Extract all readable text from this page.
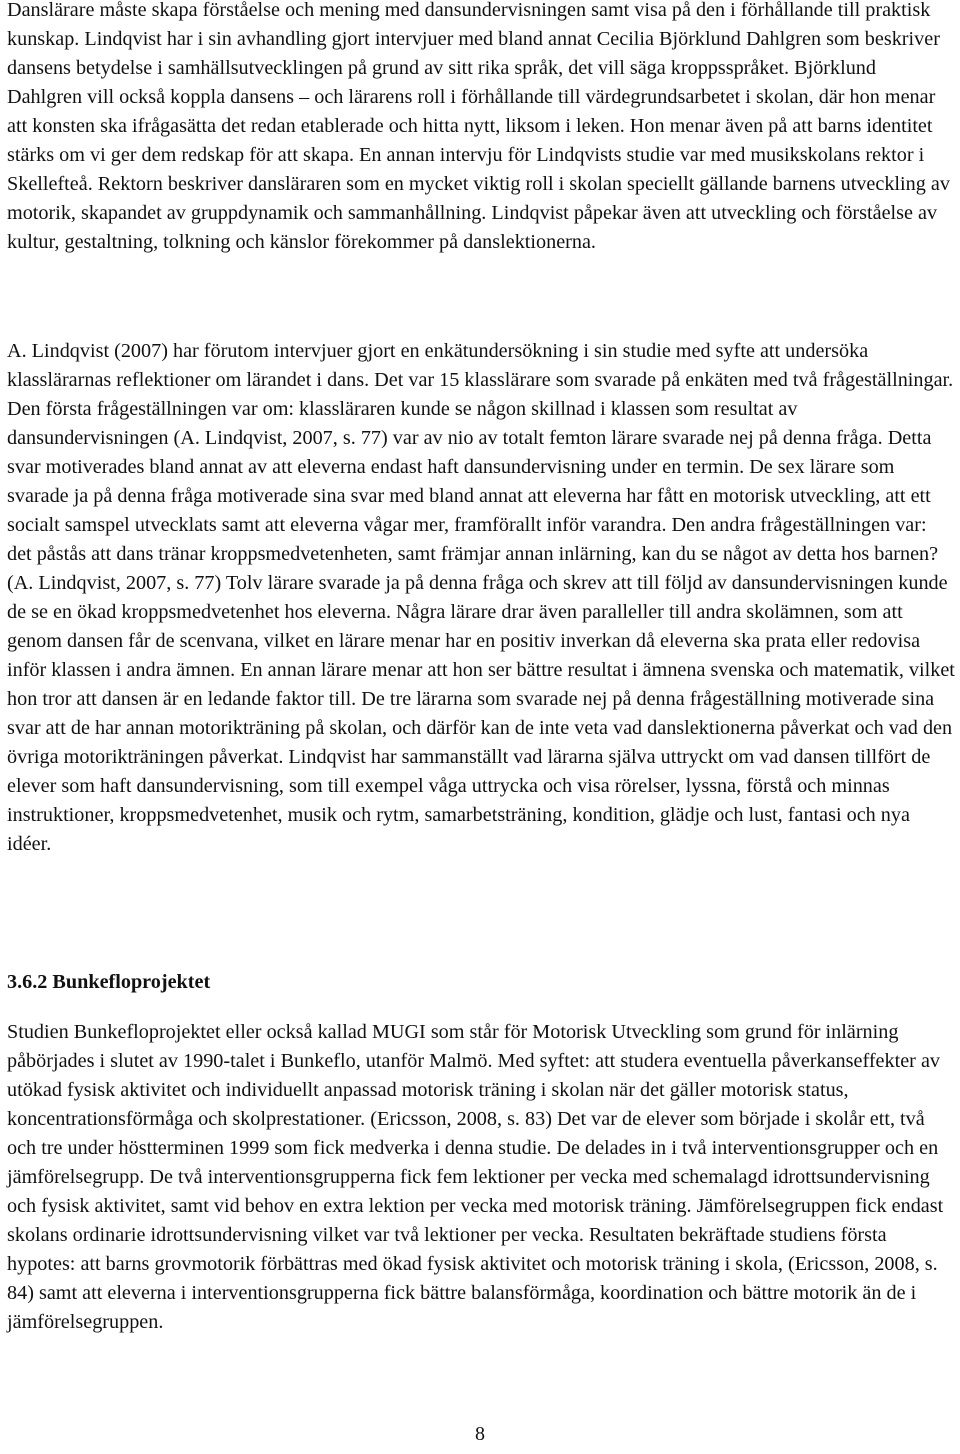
Danslärare måste skapa förståelse och mening med dansundervisningen samt visa på den i förhållande till praktisk kunskap. Lindqvist har i sin avhandling gjort intervjuer med bland annat Cecilia Björklund Dahlgren som beskriver dansens betydelse i samhällsutvecklingen på grund av sitt rika språk, det vill säga kroppsspråket. Björklund Dahlgren vill också koppla dansens – och lärarens roll i förhållande till värdegrundsarbetet i skolan, där hon menar att konsten ska ifrågasätta det redan etablerade och hitta nytt, liksom i leken. Hon menar även på att barns identitet stärks om vi ger dem redskap för att skapa. En annan intervju för Lindqvists studie var med musikskolans rektor i Skellefteå. Rektorn beskriver dansläraren som en mycket viktig roll i skolan speciellt gällande barnens utveckling av motorik, skapandet av gruppdynamik och sammanhållning. Lindqvist påpekar även att utveckling och förståelse av kultur, gestaltning, tolkning och känslor förekommer på danslektionerna.

A. Lindqvist (2007) har förutom intervjuer gjort en enkätundersökning i sin studie med syfte att undersöka klasslärarnas reflektioner om lärandet i dans. Det var 15 klasslärare som svarade på enkäten med två frågeställningar. Den första frågeställningen var om: klassläraren kunde se någon skillnad i klassen som resultat av dansundervisningen (A. Lindqvist, 2007, s. 77) var av nio av totalt femton lärare svarade nej på denna fråga. Detta svar motiverades bland annat av att eleverna endast haft dansundervisning under en termin. De sex lärare som svarade ja på denna fråga motiverade sina svar med bland annat att eleverna har fått en motorisk utveckling, att ett socialt samspel utvecklats samt att eleverna vågar mer, framförallt inför varandra. Den andra frågeställningen var: det påstås att dans tränar kroppsmedvetenheten, samt främjar annan inlärning, kan du se något av detta hos barnen?(A. Lindqvist, 2007, s. 77) Tolv lärare svarade ja på denna fråga och skrev att till följd av dansundervisningen kunde de se en ökad kroppsmedvetenhet hos eleverna. Några lärare drar även paralleller till andra skolämnen, som att genom dansen får de scenvana, vilket en lärare menar har en positiv inverkan då eleverna ska prata eller redovisa inför klassen i andra ämnen. En annan lärare menar att hon ser bättre resultat i ämnena svenska och matematik, vilket hon tror att dansen är en ledande faktor till. De tre lärarna som svarade nej på denna frågeställning motiverade sina svar att de har annan motorikträning på skolan, och därför kan de inte veta vad danslektionerna påverkat och vad den övriga motorikträningen påverkat. Lindqvist har sammanställt vad lärarna själva uttryckt om vad dansen tillfört de elever som haft dansundervisning, som till exempel våga uttrycka och visa rörelser, lyssna, förstå och minnas instruktioner, kroppsmedvetenhet, musik och rytm, samarbetsträning, kondition, glädje och lust, fantasi och nya idéer.

3.6.2 Bunkefloprojektet

Studien Bunkefloprojektet eller också kallad MUGI som står för Motorisk Utveckling som grund för inlärning påbörjades i slutet av 1990-talet i Bunkeflo, utanför Malmö. Med syftet: att studera eventuella påverkanseffekter av utökad fysisk aktivitet och individuellt anpassad motorisk träning i skolan när det gäller motorisk status, koncentrationsförmåga och skolprestationer. (Ericsson, 2008, s. 83) Det var de elever som började i skolår ett, två och tre under höstterminen 1999 som fick medverka i denna studie. De delades in i två interventionsgrupper och en jämförelsegrupp. De två interventionsgrupperna fick fem lektioner per vecka med schemalagd idrottsundervisning och fysisk aktivitet, samt vid behov en extra lektion per vecka med motorisk träning. Jämförelsegruppen fick endast skolans ordinarie idrottsundervisning vilket var två lektioner per vecka. Resultaten bekräftade studiens första hypotes: att barns grovmotorik förbättras med ökad fysisk aktivitet och motorisk träning i skola, (Ericsson, 2008, s. 84) samt att eleverna i interventionsgrupperna fick bättre balansförmåga, koordination och bättre motorik än de i jämförelsegruppen.

8
